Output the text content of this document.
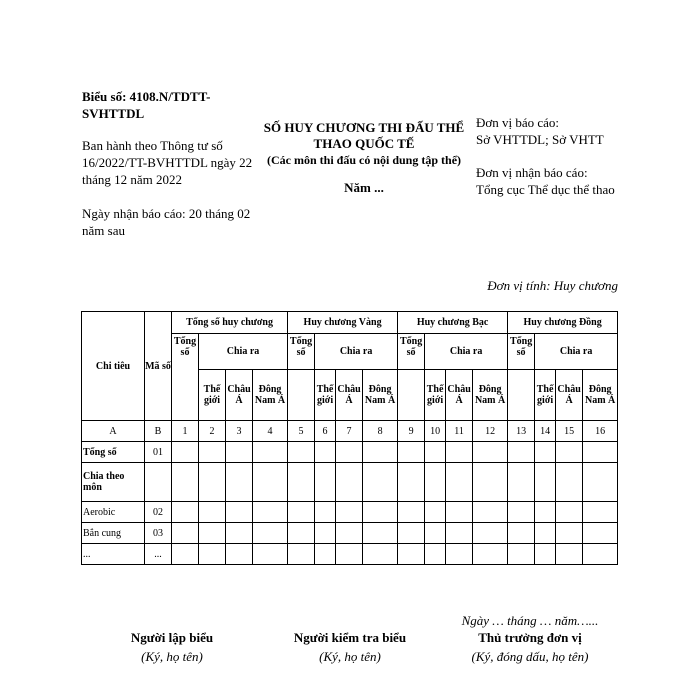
Biểu số: 4108.N/TDTT-SVHTTDL
Ban hành theo Thông tư số 16/2022/TT-BVHTTDL ngày 22 tháng 12 năm 2022
Ngày nhận báo cáo: 20 tháng 02 năm sau
SỐ HUY CHƯƠNG THI ĐẤU THỂ THAO QUỐC TẾ
(Các môn thi đấu có nội dung tập thể)
Năm ...
Đơn vị báo cáo:
Sở VHTTDL; Sở VHTT
Đơn vị nhận báo cáo:
Tổng cục Thể dục thể thao
Đơn vị tính: Huy chương
Chi tiêu	Mã số	Tổng số huy chương				Huy chương Vàng				Huy chương Bạc				Huy chương Đồng			
		Tổng số	Chia ra			Tổng số	Chia ra			Tổng số	Chia ra			Tổng số	Chia ra		
			Thế giới	Châu Á	Đông Nam Á		Thế giới	Châu Á	Đông Nam Á		Thế giới	Châu Á	Đông Nam Á		Thế giới	Châu Á	Đông Nam Á
A	B	1	2	3	4	5	6	7	8	9	10	11	12	13	14	15	16
Tổng số	01																
Chia theo môn																	
Aerobic	02																
Bắn cung	03																
...	...																
Ngày … tháng … năm…...
Người lập biểu
(Ký, họ tên)
Người kiểm tra biểu
(Ký, họ tên)
Thủ trưởng đơn vị
(Ký, đóng dấu, họ tên)
